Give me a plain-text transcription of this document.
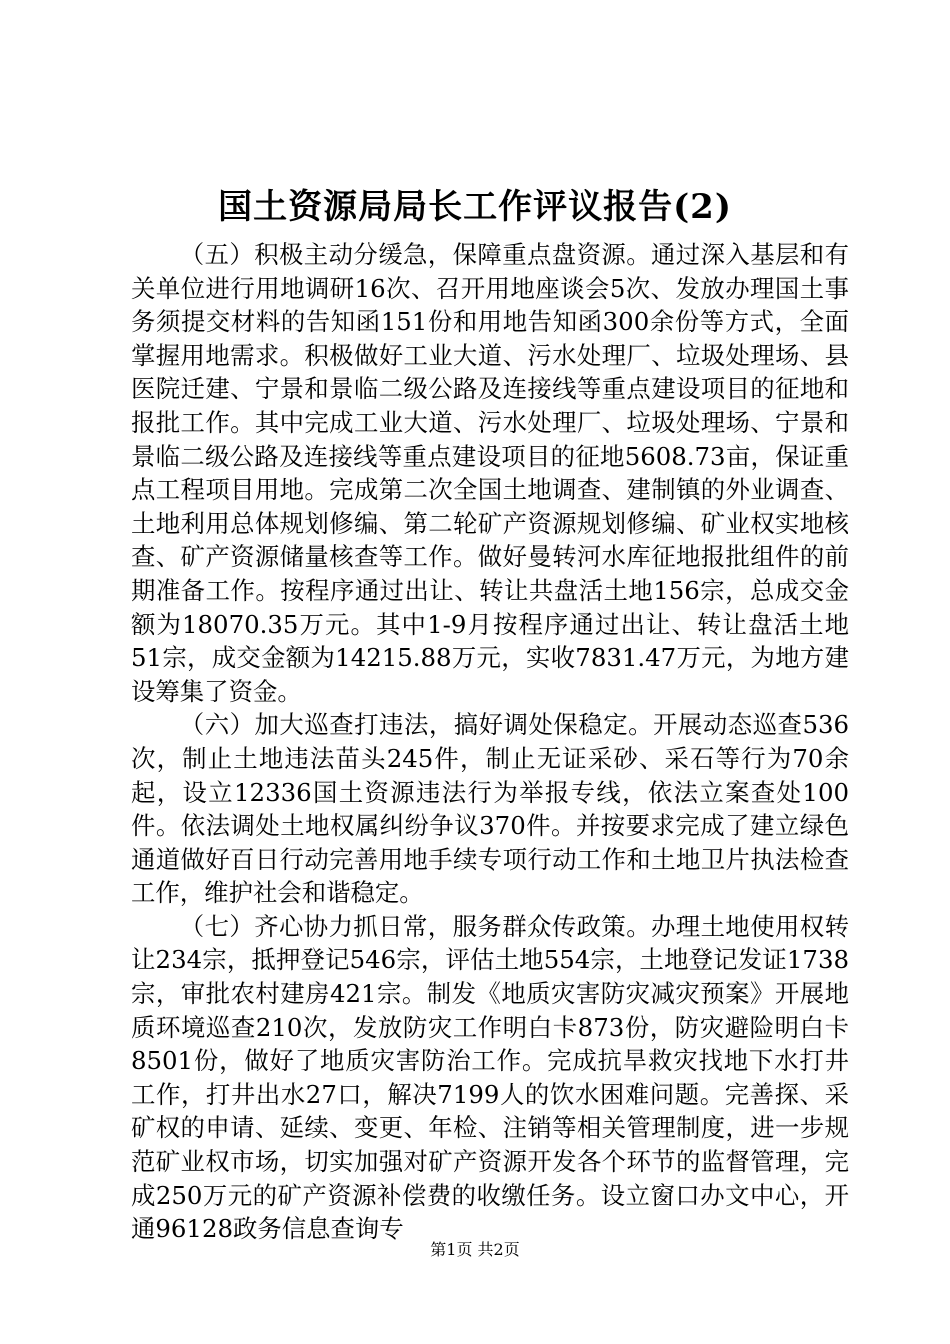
国土资源局局长工作评议报告(2)

（五）积极主动分缓急，保障重点盘资源。通过深入基层和有关单位进行用地调研16次、召开用地座谈会5次、发放办理国土事务须提交材料的告知函151份和用地告知函300余份等方式，全面掌握用地需求。积极做好工业大道、污水处理厂、垃圾处理场、县医院迁建、宁景和景临二级公路及连接线等重点建设项目的征地和报批工作。其中完成工业大道、污水处理厂、垃圾处理场、宁景和景临二级公路及连接线等重点建设项目的征地5608.73亩，保证重点工程项目用地。完成第二次全国土地调查、建制镇的外业调查、土地利用总体规划修编、第二轮矿产资源规划修编、矿业权实地核查、矿产资源储量核查等工作。做好曼转河水库征地报批组件的前期准备工作。按程序通过出让、转让共盘活土地156宗，总成交金额为18070.35万元。其中1-9月按程序通过出让、转让盘活土地51宗，成交金额为14215.88万元，实收7831.47万元，为地方建设筹集了资金。

（六）加大巡查打违法，搞好调处保稳定。开展动态巡查536次，制止土地违法苗头245件，制止无证采砂、采石等行为70余起，设立12336国土资源违法行为举报专线，依法立案查处100件。依法调处土地权属纠纷争议370件。并按要求完成了建立绿色通道做好百日行动完善用地手续专项行动工作和土地卫片执法检查工作，维护社会和谐稳定。

（七）齐心协力抓日常，服务群众传政策。办理土地使用权转让234宗，抵押登记546宗，评估土地554宗，土地登记发证1738宗，审批农村建房421宗。制发《地质灾害防灾减灾预案》开展地质环境巡查210次，发放防灾工作明白卡873份，防灾避险明白卡8501份，做好了地质灾害防治工作。完成抗旱救灾找地下水打井工作，打井出水27口，解决7199人的饮水困难问题。完善探、采矿权的申请、延续、变更、年检、注销等相关管理制度，进一步规范矿业权市场，切实加强对矿产资源开发各个环节的监督管理，完成250万元的矿产资源补偿费的收缴任务。设立窗口办文中心，开通96128政务信息查询专

第1页 共2页
